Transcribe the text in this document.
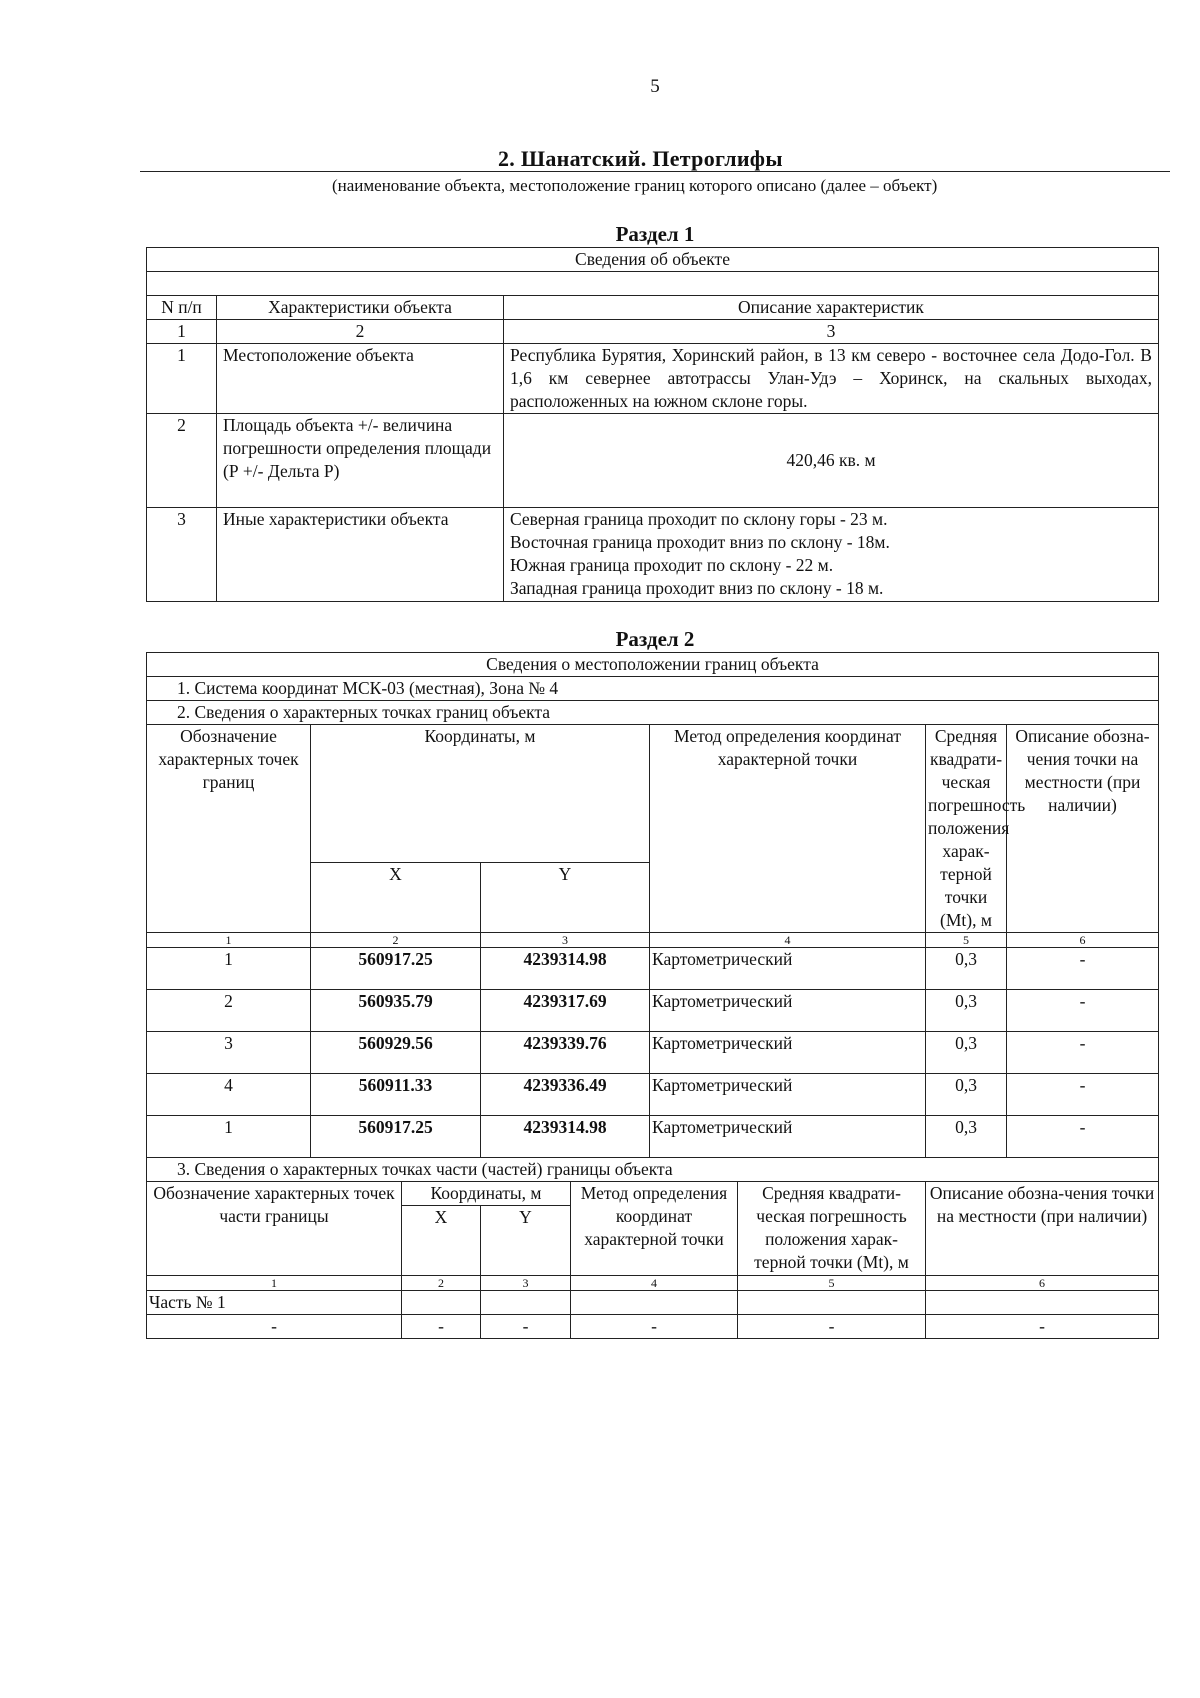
5
2. Шанатский. Петроглифы
(наименование объекта, местоположение границ которого описано (далее – объект)
Раздел 1
Сведения об объекте		

N п/п	Характеристики объекта	Описание характеристик
1	2	3
1	Местоположение объекта	Республика Бурятия, Хоринский район, в 13 км северо - восточнее села Додо-Гол. В 1,6 км севернее автотрассы Улан-Удэ – Хоринск, на скальных выходах, расположенных на южном склоне горы.
2	Площадь объекта +/- величина погрешности определения площади (Р +/- Дельта Р)	420,46 кв. м
3	Иные характеристики объекта	Северная граница проходит по склону горы - 23 м.
Восточная граница проходит вниз по склону - 18м.
Южная граница проходит по склону - 22 м.
Западная граница проходит вниз по склону - 18 м.
Раздел 2
Сведения о местоположении границ объекта								
1. Система координат МСК-03 (местная), Зона № 4								
2. Сведения о характерных точках границ объекта								
Обозначение характерных точек границ	Координаты, м				Метод определения координат характерной точки		Средняя квадрати-ческая погрешность положения харак-терной точки (Mt), м	Описание обозна-чения точки на местности (при наличии)
	X		Y					
1	2		3		4		5	6
1	560917.25		4239314.98		Картометрический		0,3	-
2	560935.79		4239317.69		Картометрический		0,3	-
3	560929.56		4239339.76		Картометрический		0,3	-
4	560911.33		4239336.49		Картометрический		0,3	-
1	560917.25		4239314.98		Картометрический		0,3	-
3. Сведения о характерных точках части (частей) границы объекта								
Обозначение характерных точек части границы		Координаты, м		Метод определения координат характерной точки		Средняя квадрати-ческая погрешность положения харак-терной точки (Mt), м	Описание обозна-чения точки на местности (при наличии)	
		X	Y					
1		2	3	4		5	6	
Часть № 1								
-		-	-	-		-	-	
